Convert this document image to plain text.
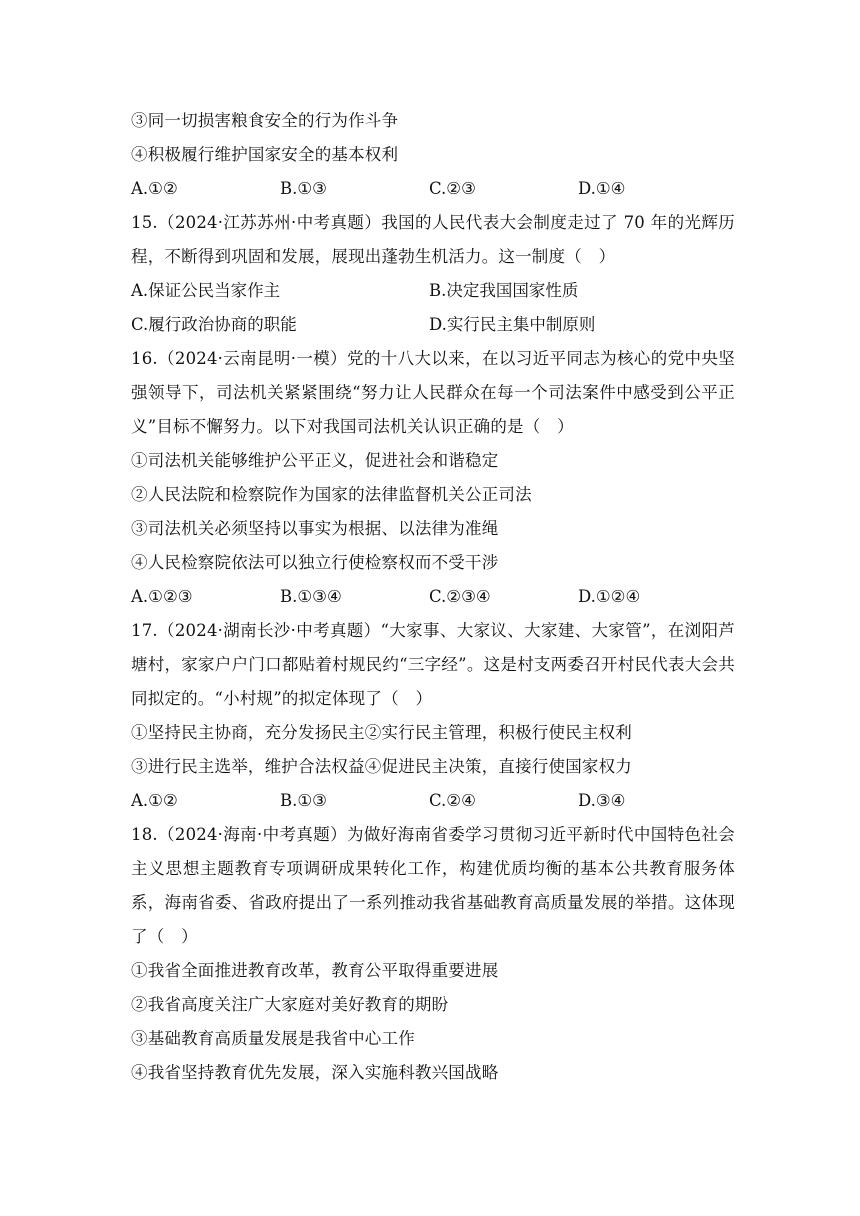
③同一切损害粮食安全的行为作斗争
④积极履行维护国家安全的基本权利
A.①②	B.①③	C.②③	D.①④
15.（2024·江苏苏州·中考真题）我国的人民代表大会制度走过了 70 年的光辉历程，不断得到巩固和发展，展现出蓬勃生机活力。这一制度（　）
A.保证公民当家作主	B.决定我国国家性质
C.履行政治协商的职能	D.实行民主集中制原则
16.（2024·云南昆明·一模）党的十八大以来，在以习近平同志为核心的党中央坚强领导下，司法机关紧紧围绕“努力让人民群众在每一个司法案件中感受到公平正义”目标不懈努力。以下对我国司法机关认识正确的是（　）
①司法机关能够维护公平正义，促进社会和谐稳定
②人民法院和检察院作为国家的法律监督机关公正司法
③司法机关必须坚持以事实为根据、以法律为准绳
④人民检察院依法可以独立行使检察权而不受干涉
A.①②③	B.①③④	C.②③④	D.①②④
17.（2024·湖南长沙·中考真题）“大家事、大家议、大家建、大家管”，在浏阳芦塘村，家家户户门口都贴着村规民约“三字经”。这是村支两委召开村民代表大会共同拟定的。“小村规”的拟定体现了（　）
①坚持民主协商，充分发扬民主②实行民主管理，积极行使民主权利
③进行民主选举，维护合法权益④促进民主决策，直接行使国家权力
A.①②	B.①③	C.②④	D.③④
18.（2024·海南·中考真题）为做好海南省委学习贯彻习近平新时代中国特色社会主义思想主题教育专项调研成果转化工作，构建优质均衡的基本公共教育服务体系，海南省委、省政府提出了一系列推动我省基础教育高质量发展的举措。这体现了（　）
①我省全面推进教育改革，教育公平取得重要进展
②我省高度关注广大家庭对美好教育的期盼
③基础教育高质量发展是我省中心工作
④我省坚持教育优先发展，深入实施科教兴国战略
